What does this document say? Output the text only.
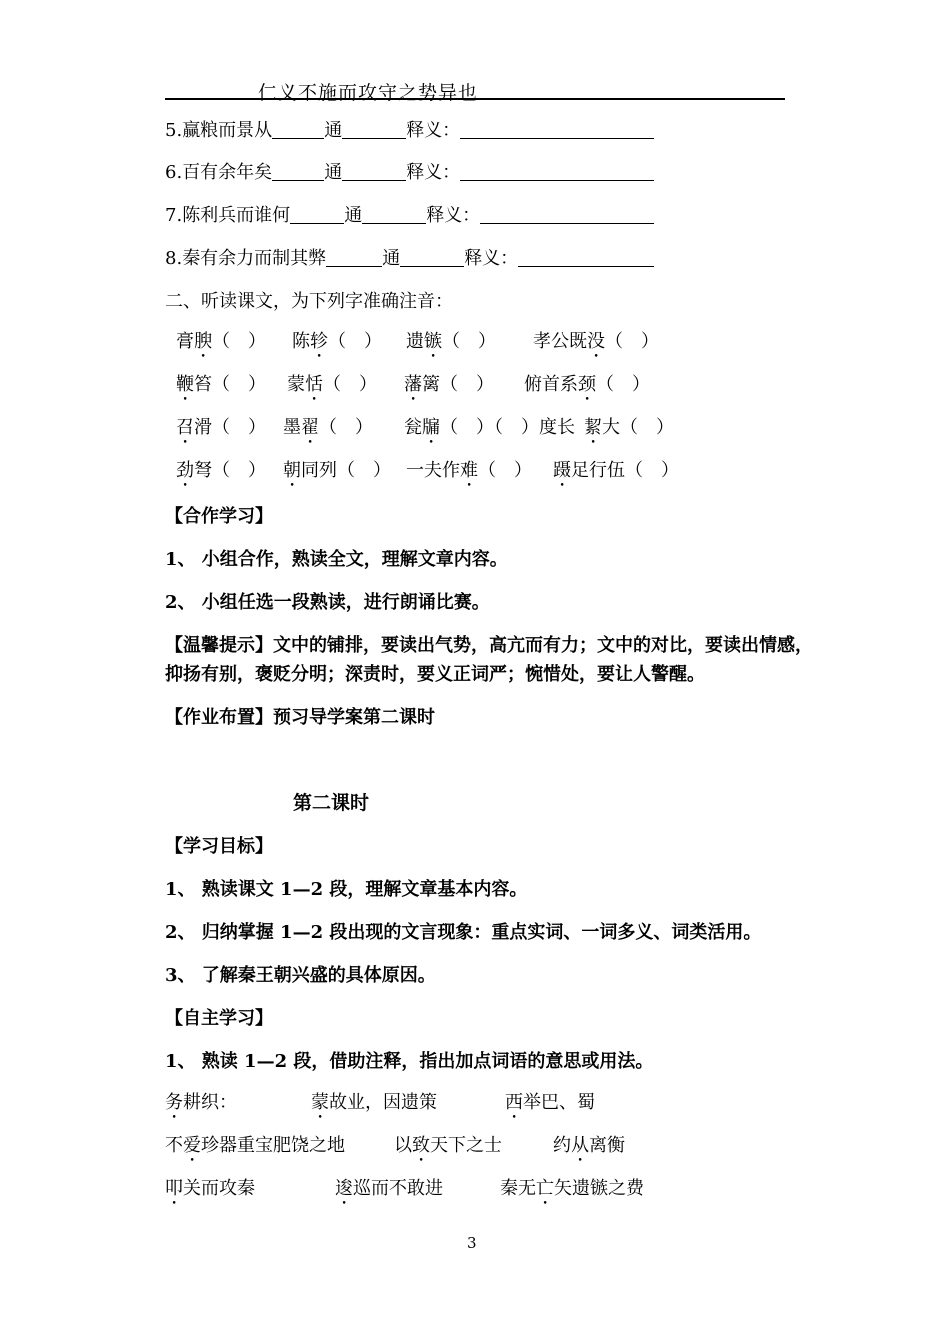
仁义不施而攻守之势异也
5.赢粮而景从	通	释义：
6.百有余年矣	通	释义：
7.陈利兵而谁何	通	释义：
8.秦有余力而制其弊	通	释义：
二、听读课文，为下列字准确注音：
膏腴（　） 陈轸（　） 遗镞（　） 孝公既没（　）
鞭笞（　） 蒙恬（　） 藩篱（　） 俯首系颈（　）
召滑（　） 墨翟（　） 瓮牖（　）（　）度长 絜大（　）
劲弩（　） 朝同列（　） 一夫作难（　） 蹑足行伍（　）
【合作学习】
1、 小组合作，熟读全文，理解文章内容。
2、 小组任选一段熟读，进行朗诵比赛。
【温馨提示】文中的铺排，要读出气势，高亢而有力；文中的对比，要读出情感，
抑扬有别，褒贬分明；深责时，要义正词严；惋惜处，要让人警醒。
【作业布置】预习导学案第二课时
第二课时
【学习目标】
1、 熟读课文 1—2 段，理解文章基本内容。
2、 归纳掌握 1—2 段出现的文言现象：重点实词、一词多义、词类活用。
3、 了解秦王朝兴盛的具体原因。
【自主学习】
1、 熟读 1—2 段，借助注释，指出加点词语的意思或用法。
务耕织：	蒙故业，因遗策	西举巴、蜀
不爱珍器重宝肥饶之地	以致天下之士	约从离衡
叩关而攻秦	逡巡而不敢进	秦无亡矢遗镞之费
3
